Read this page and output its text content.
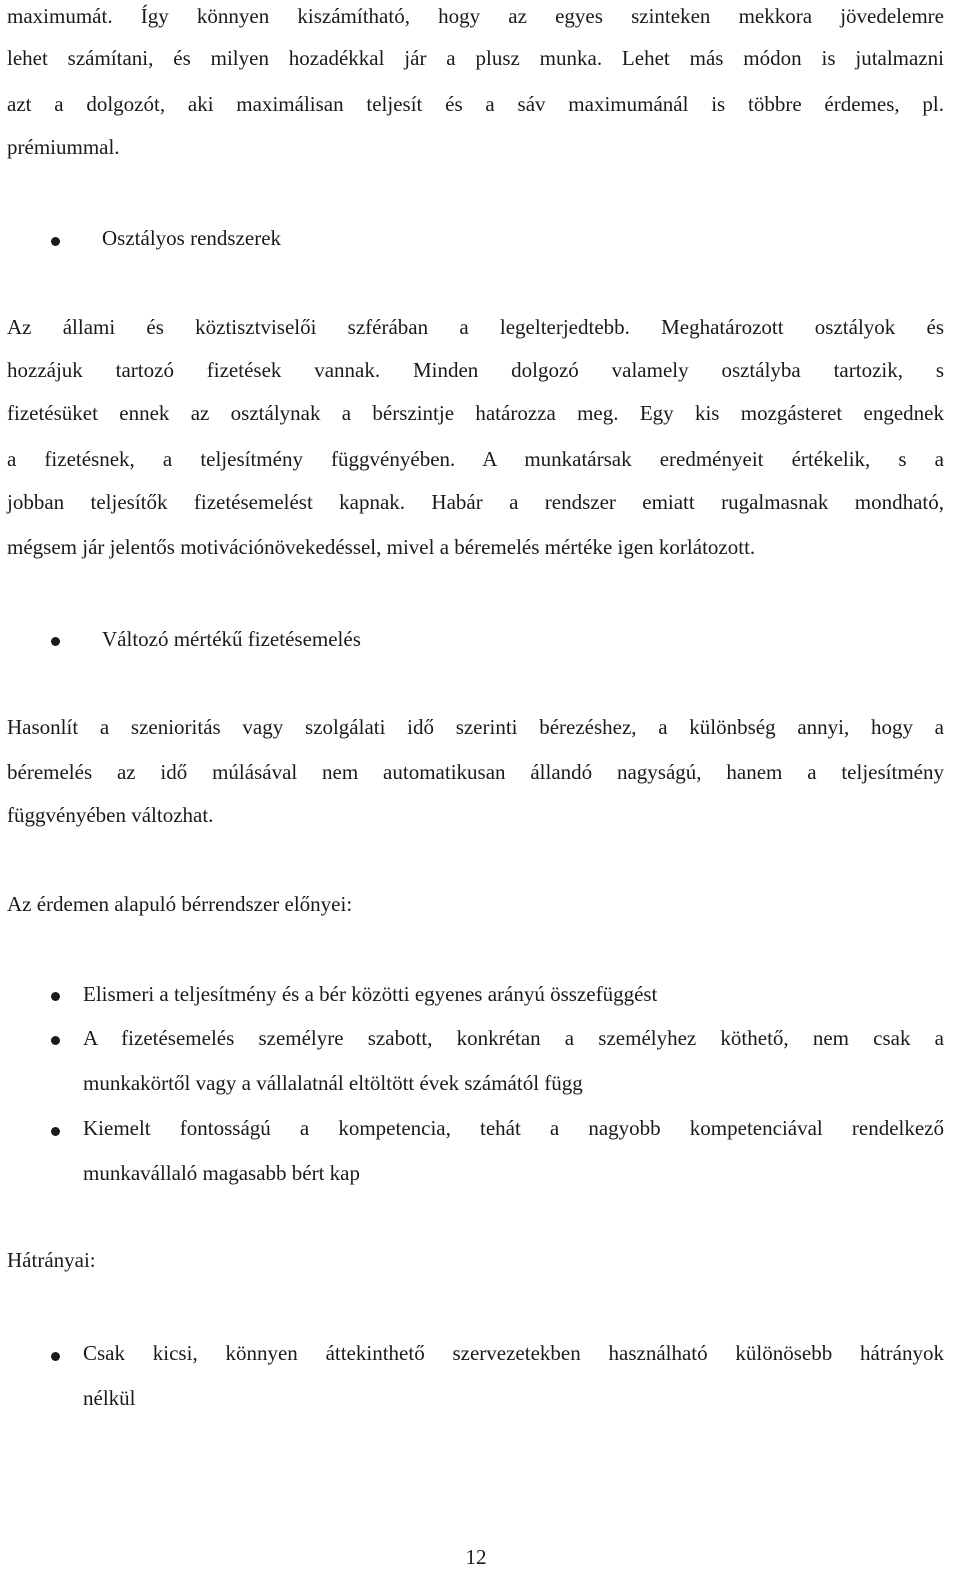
maximumát. Így könnyen kiszámítható, hogy az egyes szinteken mekkora jövedelemre
lehet számítani, és milyen hozadékkal jár a plusz munka. Lehet más módon is jutalmazni
azt a dolgozót, aki maximálisan teljesít és a sáv maximumánál is többre érdemes, pl.
prémiummal.
Osztályos rendszerek
Az állami és köztisztviselői szférában a legelterjedtebb. Meghatározott osztályok és
hozzájuk tartozó fizetések vannak. Minden dolgozó valamely osztályba tartozik, s
fizetésüket ennek az osztálynak a bérszintje határozza meg. Egy kis mozgásteret engednek
a fizetésnek, a teljesítmény függvényében. A munkatársak eredményeit értékelik, s a
jobban teljesítők fizetésemelést kapnak. Habár a rendszer emiatt rugalmasnak mondható,
mégsem jár jelentős motivációnövekedéssel, mivel a béremelés mértéke igen korlátozott.
Változó mértékű fizetésemelés
Hasonlít a szenioritás vagy szolgálati idő szerinti bérezéshez, a különbség annyi, hogy a
béremelés az idő múlásával nem automatikusan állandó nagyságú, hanem a teljesítmény
függvényében változhat.
Az érdemen alapuló bérrendszer előnyei:
Elismeri a teljesítmény és a bér közötti egyenes arányú összefüggést
A fizetésemelés személyre szabott, konkrétan a személyhez köthető, nem csak a
munkakörtől vagy a vállalatnál eltöltött évek számától függ
Kiemelt fontosságú a kompetencia, tehát a nagyobb kompetenciával rendelkező
munkavállaló magasabb bért kap
Hátrányai:
Csak kicsi, könnyen áttekinthető szervezetekben használható különösebb hátrányok
nélkül
12
